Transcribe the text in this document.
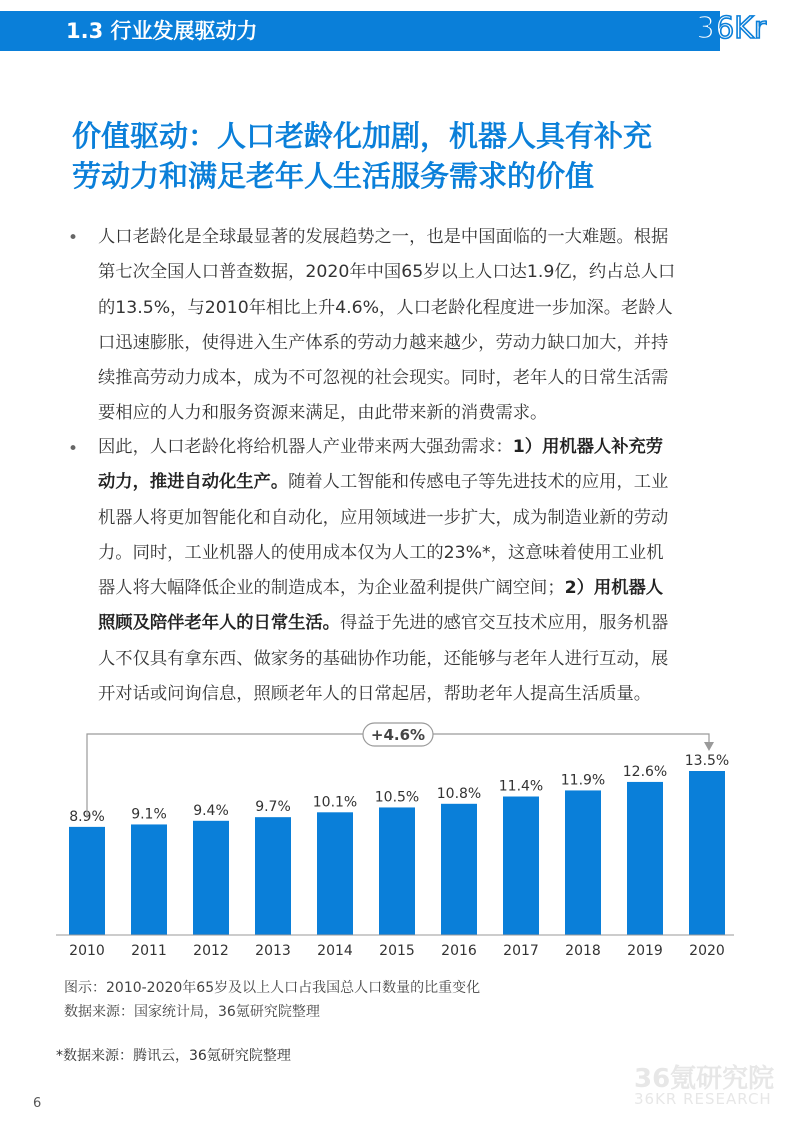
1.3 行业发展驱动力	36Kr
价值驱动：人口老龄化加剧，机器人具有补充
劳动力和满足老年人生活服务需求的价值
• 人口老龄化是全球最显著的发展趋势之一，也是中国面临的一大难题。根据
第七次全国人口普查数据，2020年中国65岁以上人口达1.9亿，约占总人口
的13.5%，与2010年相比上升4.6%，人口老龄化程度进一步加深。老龄人
口迅速膨胀，使得进入生产体系的劳动力越来越少，劳动力缺口加大，并持
续推高劳动力成本，成为不可忽视的社会现实。同时，老年人的日常生活需
要相应的人力和服务资源来满足，由此带来新的消费需求。
• 因此，人口老龄化将给机器人产业带来两大强劲需求：1）用机器人补充劳
动力，推进自动化生产。随着人工智能和传感电子等先进技术的应用，工业
机器人将更加智能化和自动化，应用领域进一步扩大，成为制造业新的劳动
力。同时，工业机器人的使用成本仅为人工的23%*，这意味着使用工业机
器人将大幅降低企业的制造成本，为企业盈利提供广阔空间；2）用机器人
照顾及陪伴老年人的日常生活。得益于先进的感官交互技术应用，服务机器
人不仅具有拿东西、做家务的基础协作功能，还能够与老年人进行互动，展
开对话或问询信息，照顾老年人的日常起居，帮助老年人提高生活质量。
8.9% 9.1% 9.4% 9.7% 10.1% 10.5% 10.8% 11.4% 11.9%
12.6%
13.5%
2010 2011 2012 2013 2014 2015 2016 2017 2018 2019 2020
+4.6%
图示：2010-2020年65岁及以上人口占我国总人口数量的比重变化
数据来源：国家统计局，36氪研究院整理
*数据来源：腾讯云，36氪研究院整理
36氪研究院
36KR RESEARCH
6
